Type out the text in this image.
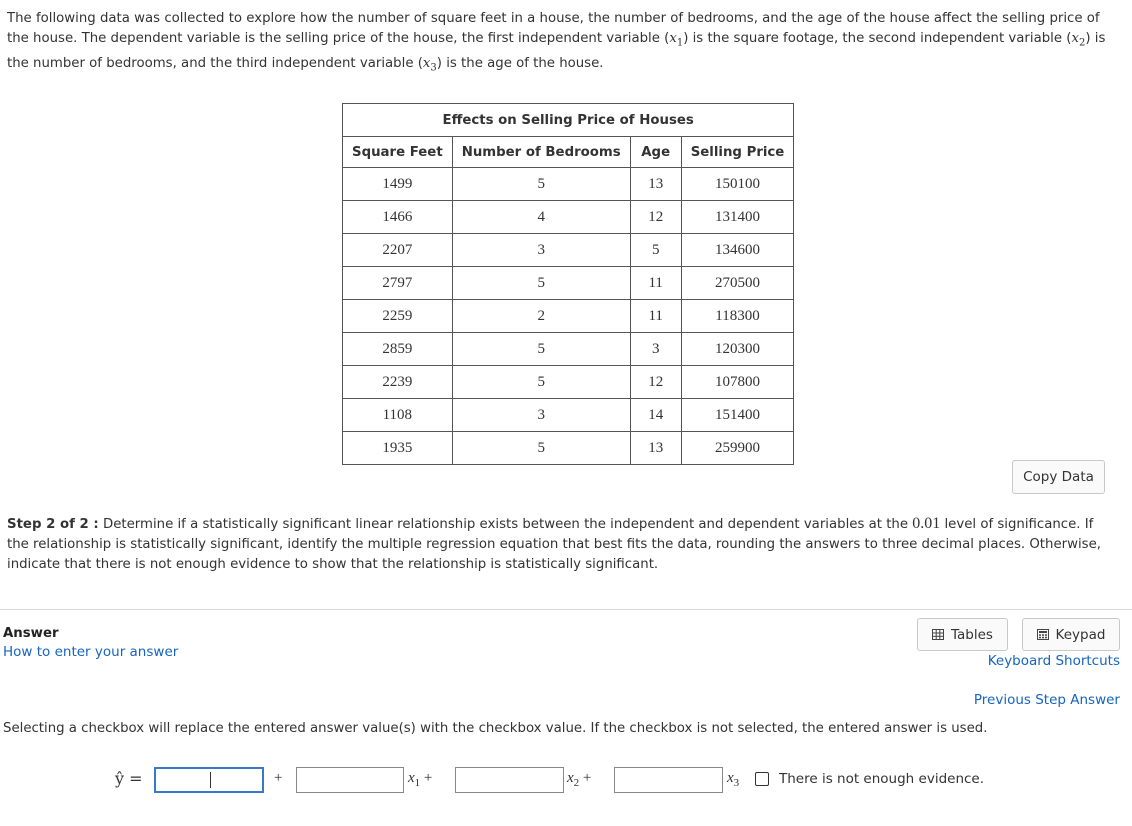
The following data was collected to explore how the number of square feet in a house, the number of bedrooms, and the age of the house affect the selling price of the house. The dependent variable is the selling price of the house, the first independent variable $(x_1)$ is the square footage, the second independent variable $(x_2)$ is the number of bedrooms, and the third independent variable $(x_3)$ is the age of the house.
Effects on Selling Price of Houses			
Square Feet	Number of Bedrooms	Age	Selling Price
1499	5	13	150100
1466	4	12	131400
2207	3	5	134600
2797	5	11	270500
2259	2	11	118300
2859	5	3	120300
2239	5	12	107800
1108	3	14	151400
1935	5	13	259900
Copy Data
Step 2 of 2 : Determine if a statistically significant linear relationship exists between the independent and dependent variables at the 0.01 level of significance. If the relationship is statistically significant, identify the multiple regression equation that best fits the data, rounding the answers to three decimal places. Otherwise, indicate that there is not enough evidence to show that the relationship is statistically significant.
Answer
How to enter your answer
Tables	Keypad
Keyboard Shortcuts
Previous Step Answer
Selecting a checkbox will replace the entered answer value(s) with the checkbox value. If the checkbox is not selected, the entered answer is used.
ŷ =	+	$x_1$ +	$x_2$ +	$x_3$	There is not enough evidence.
